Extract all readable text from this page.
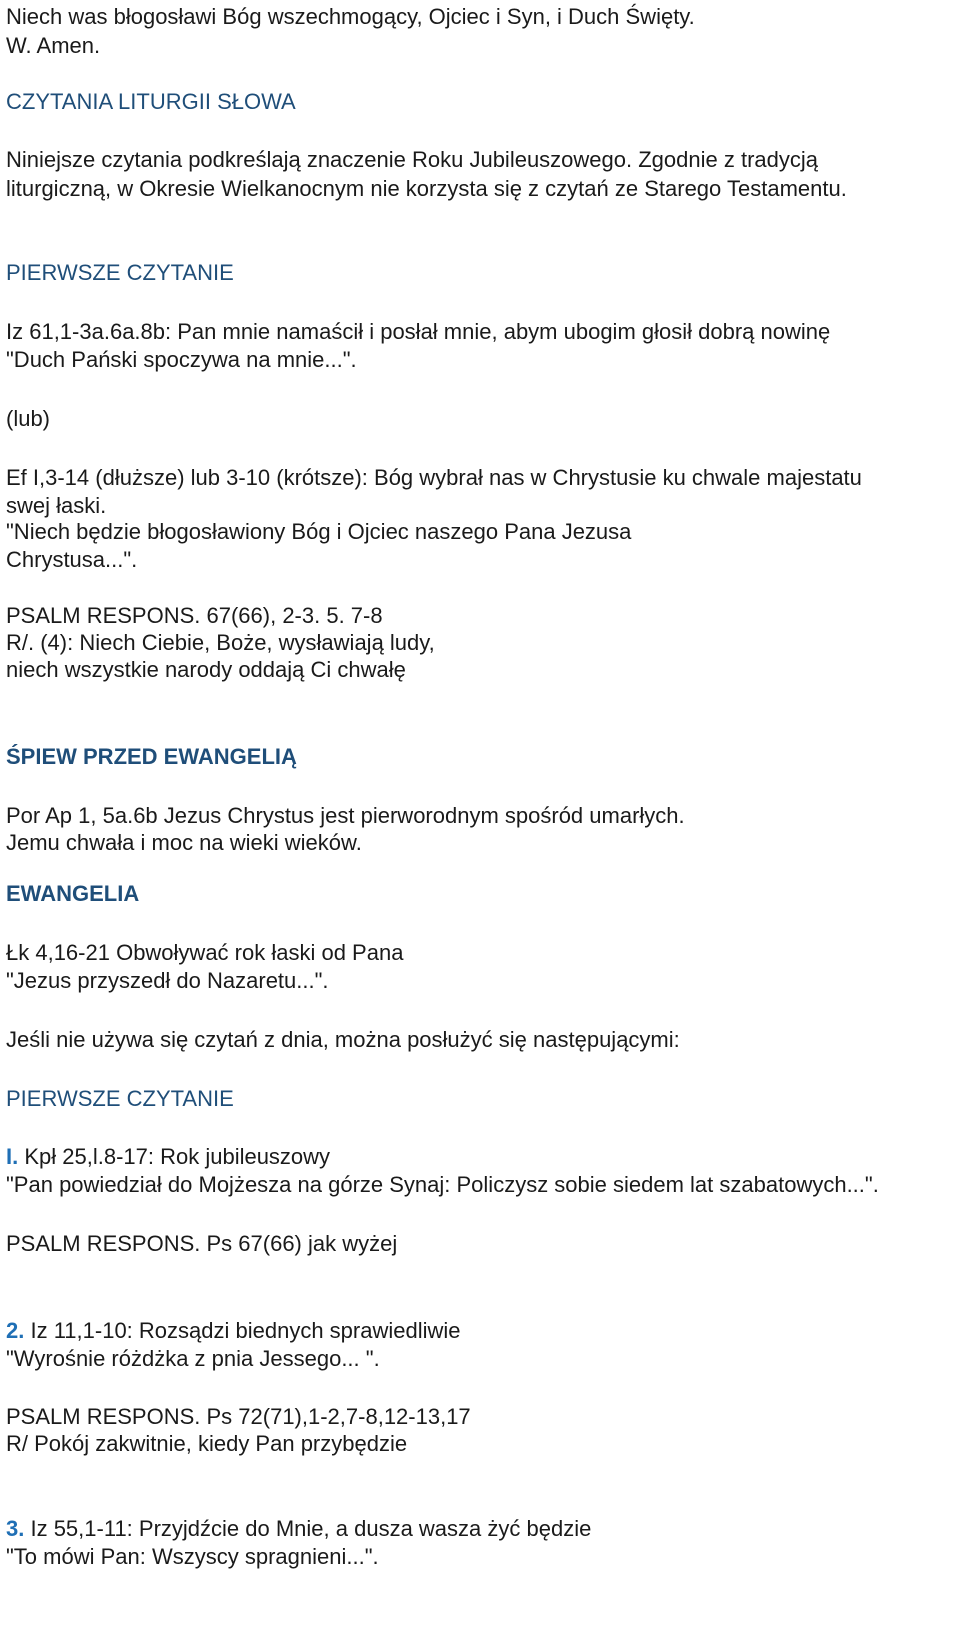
Niech was błogosławi Bóg wszechmogący, Ojciec i Syn, i Duch Święty.
W. Amen.
CZYTANIA LITURGII SŁOWA
Niniejsze czytania podkreślają znaczenie Roku Jubileuszowego. Zgodnie z tradycją
liturgiczną, w Okresie Wielkanocnym nie korzysta się z czytań ze Starego Testamentu.
PIERWSZE CZYTANIE
Iz 61,1-3a.6a.8b: Pan mnie namaścił i posłał mnie, abym ubogim głosił dobrą nowinę
"Duch Pański spoczywa na mnie...".
(lub)
Ef I,3-14 (dłuższe) lub 3-10 (krótsze): Bóg wybrał nas w Chrystusie ku chwale majestatu
swej łaski.
"Niech będzie błogosławiony Bóg i Ojciec naszego Pana Jezusa
Chrystusa...".
PSALM RESPONS. 67(66), 2-3. 5. 7-8
R/. (4): Niech Ciebie, Boże, wysławiają ludy,
niech wszystkie narody oddają Ci chwałę
ŚPIEW PRZED EWANGELIĄ
Por Ap 1, 5a.6b Jezus Chrystus jest pierworodnym spośród umarłych.
Jemu chwała i moc na wieki wieków.
EWANGELIA
Łk 4,16-21 Obwoływać rok łaski od Pana
"Jezus przyszedł do Nazaretu...".
Jeśli nie używa się czytań z dnia, można posłużyć się następującymi:
PIERWSZE CZYTANIE
I. Kpł 25,l.8-17: Rok jubileuszowy
"Pan powiedział do Mojżesza na górze Synaj: Policzysz sobie siedem lat szabatowych...".
PSALM RESPONS. Ps 67(66) jak wyżej
2. Iz 11,1-10: Rozsądzi biednych sprawiedliwie
"Wyrośnie różdżka z pnia Jessego... ".
PSALM RESPONS. Ps 72(71),1-2,7-8,12-13,17
R/ Pokój zakwitnie, kiedy Pan przybędzie
3. Iz 55,1-11: Przyjdźcie do Mnie, a dusza wasza żyć będzie
"To mówi Pan: Wszyscy spragnieni...".
